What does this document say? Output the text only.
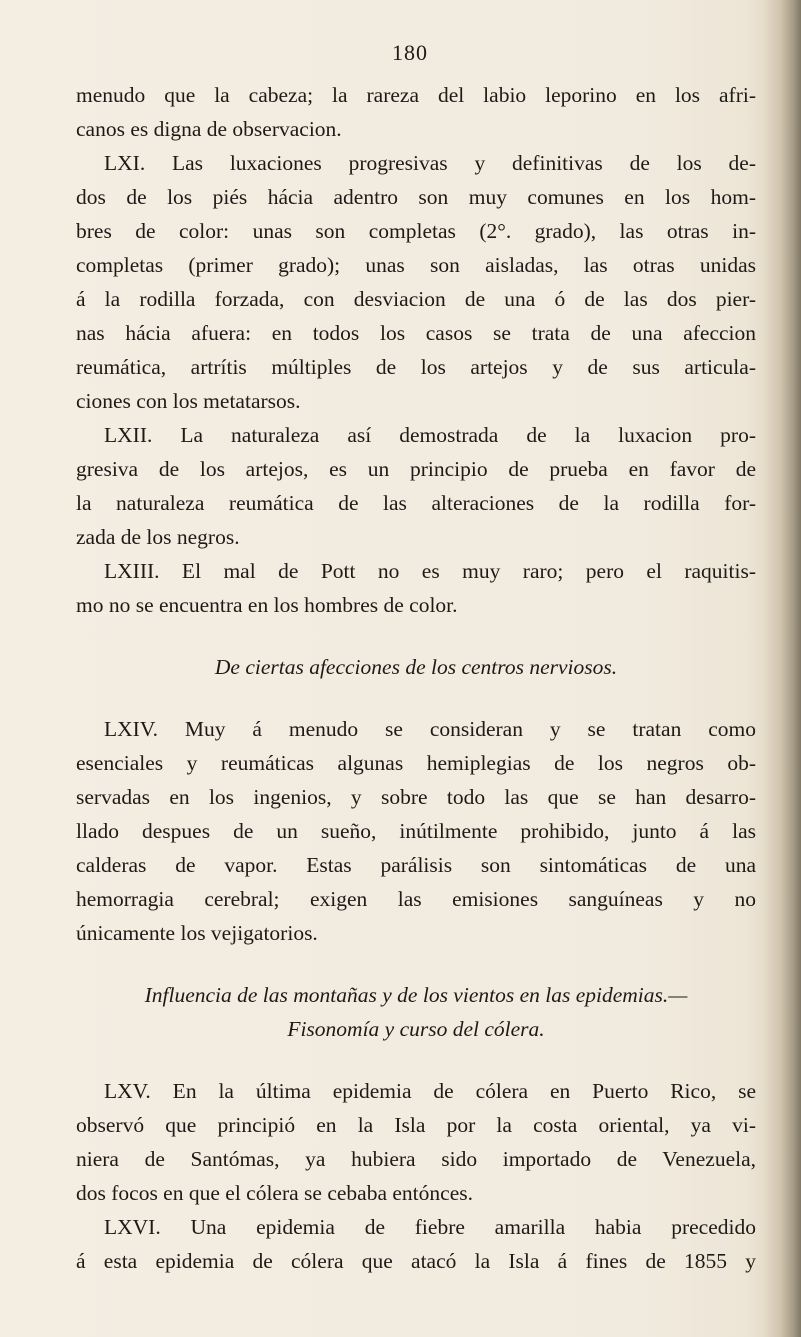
180
menudo que la cabeza; la rareza del labio leporino en los afri-
canos es digna de observacion.
LXI. Las luxaciones progresivas y definitivas de los de-
dos de los piés hácia adentro son muy comunes en los hom-
bres de color: unas son completas (2°. grado), las otras in-
completas (primer grado); unas son aisladas, las otras unidas
á la rodilla forzada, con desviacion de una ó de las dos pier-
nas hácia afuera: en todos los casos se trata de una afeccion
reumática, artrítis múltiples de los artejos y de sus articula-
ciones con los metatarsos.
LXII. La naturaleza así demostrada de la luxacion pro-
gresiva de los artejos, es un principio de prueba en favor de
la naturaleza reumática de las alteraciones de la rodilla for-
zada de los negros.
LXIII. El mal de Pott no es muy raro; pero el raquitis-
mo no se encuentra en los hombres de color.
De ciertas afecciones de los centros nerviosos.
LXIV. Muy á menudo se consideran y se tratan como
esenciales y reumáticas algunas hemiplegias de los negros ob-
servadas en los ingenios, y sobre todo las que se han desarro-
llado despues de un sueño, inútilmente prohibido, junto á las
calderas de vapor. Estas parálisis son sintomáticas de una
hemorragia cerebral; exigen las emisiones sanguíneas y no
únicamente los vejigatorios.
Influencia de las montañas y de los vientos en las epidemias.—
Fisonomía y curso del cólera.
LXV. En la última epidemia de cólera en Puerto Rico, se
observó que principió en la Isla por la costa oriental, ya vi-
niera de Santómas, ya hubiera sido importado de Venezuela,
dos focos en que el cólera se cebaba entónces.
LXVI. Una epidemia de fiebre amarilla habia precedido
á esta epidemia de cólera que atacó la Isla á fines de 1855 y
